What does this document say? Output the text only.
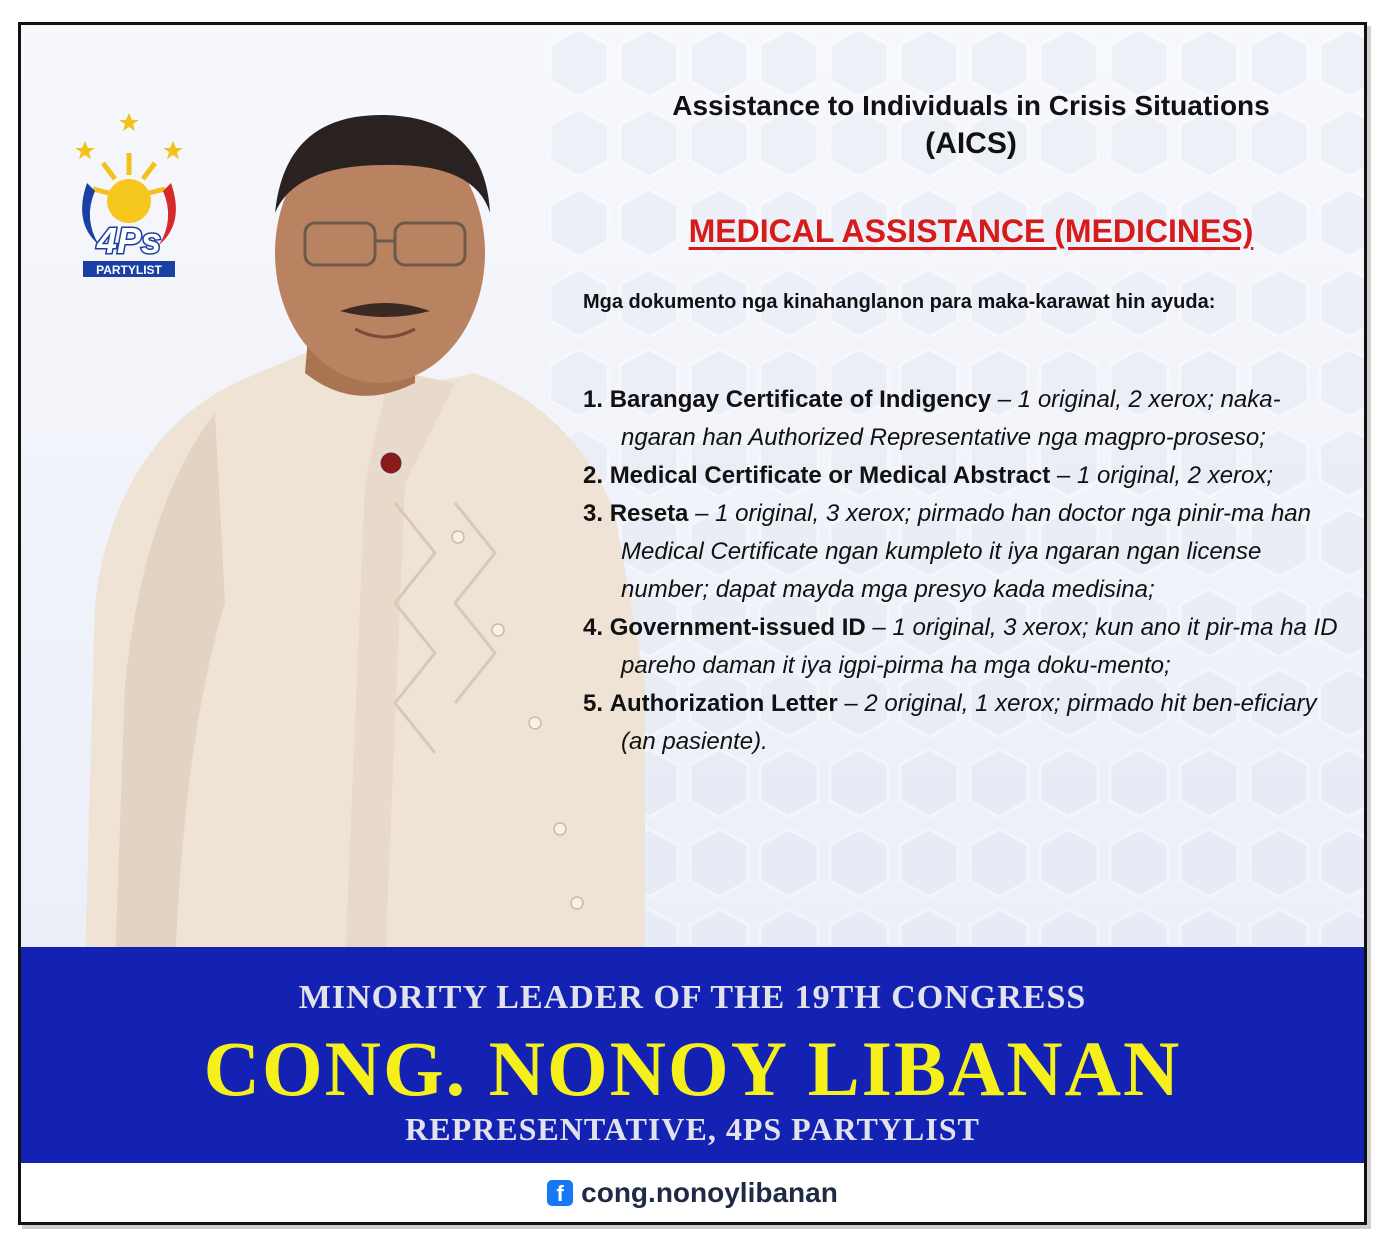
4Ps
PARTYLIST
Assistance to Individuals in Crisis Situations
(AICS)
MEDICAL ASSISTANCE (MEDICINES)
Mga dokumento nga kinahanglanon para maka-karawat hin ayuda:
1. Barangay Certificate of Indigency – 1 original, 2 xerox; naka- ngaran han Authorized Representative nga magpro-proseso;
2. Medical Certificate or Medical Abstract – 1 original, 2 xerox;
3. Reseta – 1 original, 3 xerox; pirmado han doctor nga pinir-ma han Medical Certificate ngan kumpleto it iya ngaran ngan license number; dapat mayda mga presyo kada medisina;
4. Government-issued ID – 1 original, 3 xerox; kun ano it pir-ma ha ID pareho daman it iya igpi-pirma ha mga doku-mento;
5. Authorization Letter – 2 original, 1 xerox; pirmado hit ben-eficiary (an pasiente).
MINORITY LEADER OF THE 19TH CONGRESS
CONG. NONOY LIBANAN
REPRESENTATIVE, 4PS PARTYLIST
f cong.nonoylibanan
